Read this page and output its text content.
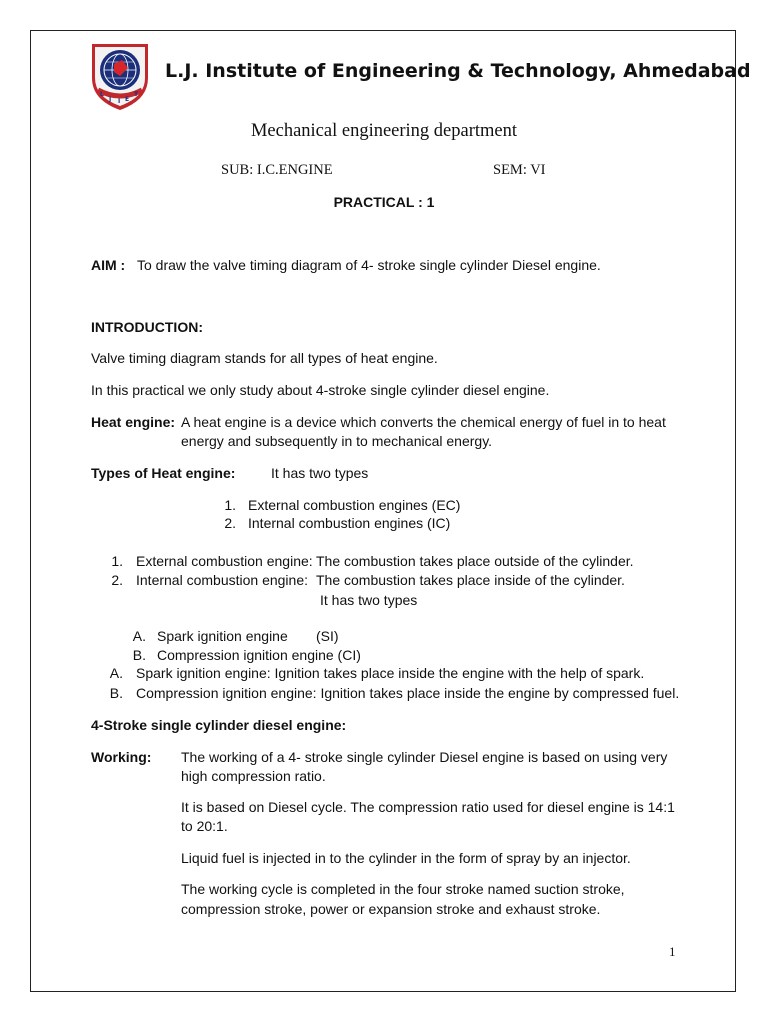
L
J I E
T
L.J. Institute of Engineering & Technology, Ahmedabad
Mechanical engineering department
SUB: I.C.ENGINE	SEM: VI
PRACTICAL : 1
AIM : To draw the valve timing diagram of 4- stroke single cylinder Diesel engine.
INTRODUCTION:
Valve timing diagram stands for all types of heat engine.
In this practical we only study about 4-stroke single cylinder diesel engine.
Heat engine: A heat engine is a device which converts the chemical energy of fuel in to heat
energy and subsequently in to mechanical energy.
Types of Heat engine:	It has two types
1. External combustion engines (EC)
2. Internal combustion engines (IC)
1. External combustion engine: The combustion takes place outside of the cylinder.
2. Internal combustion engine: The combustion takes place inside of the cylinder.
It has two types
A. Spark ignition engine (SI)
B. Compression ignition engine (CI)
A. Spark ignition engine: Ignition takes place inside the engine with the help of spark.
B. Compression ignition engine: Ignition takes place inside the engine by compressed fuel.
4-Stroke single cylinder diesel engine:
Working: The working of a 4- stroke single cylinder Diesel engine is based on using very
high compression ratio.
It is based on Diesel cycle. The compression ratio used for diesel engine is 14:1
to 20:1.
Liquid fuel is injected in to the cylinder in the form of spray by an injector.
The working cycle is completed in the four stroke named suction stroke,
compression stroke, power or expansion stroke and exhaust stroke.
1
